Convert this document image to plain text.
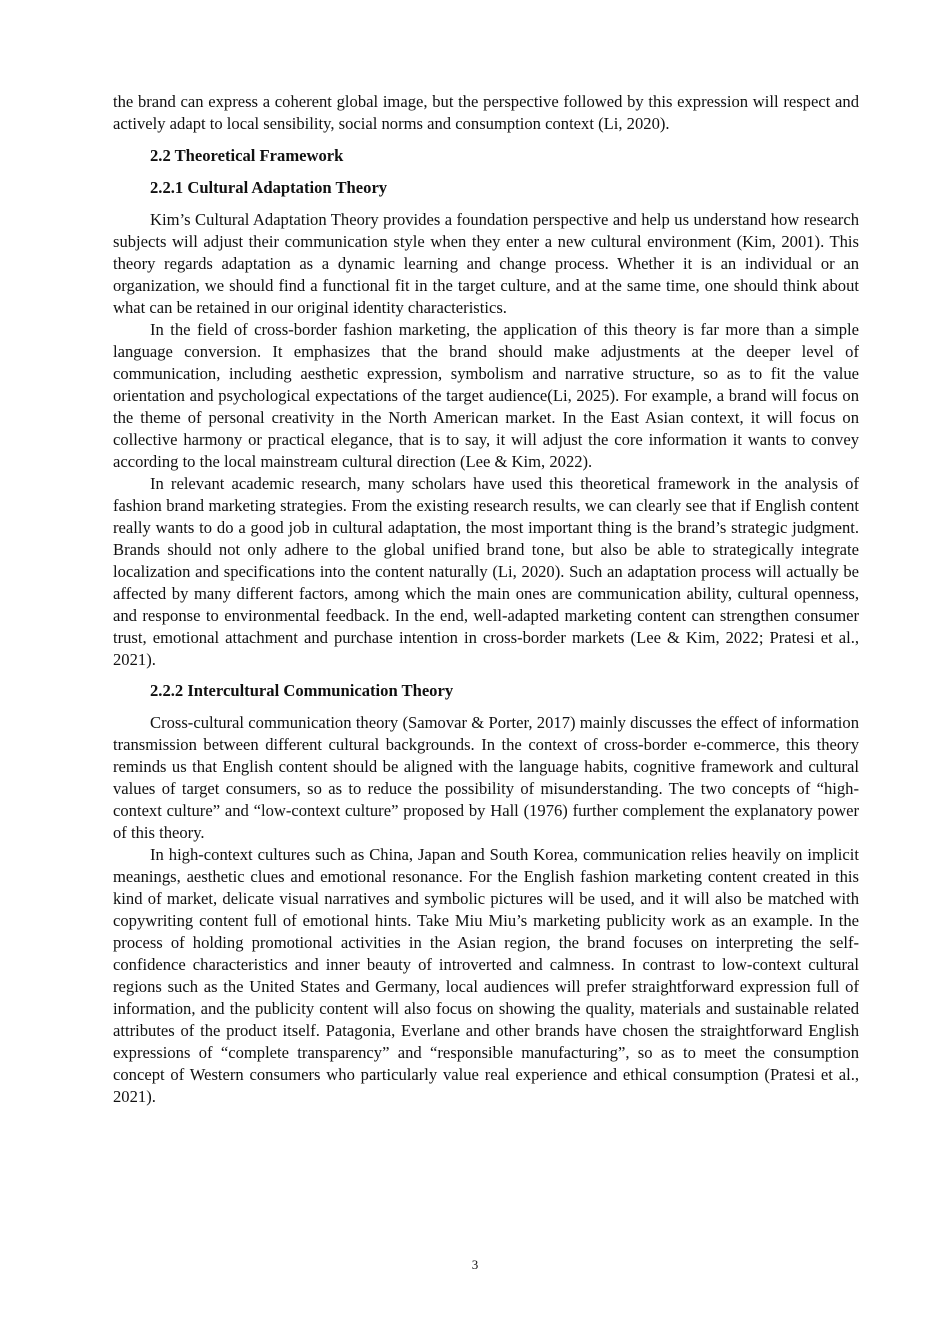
the brand can express a coherent global image, but the perspective followed by this expression will respect and actively adapt to local sensibility, social norms and consumption context (Li, 2020).

2.2 Theoretical Framework

2.2.1 Cultural Adaptation Theory

Kim’s Cultural Adaptation Theory provides a foundation perspective and help us understand how research subjects will adjust their communication style when they enter a new cultural environment (Kim, 2001). This theory regards adaptation as a dynamic learning and change process. Whether it is an individual or an organization, we should find a functional fit in the target culture, and at the same time, one should think about what can be retained in our original identity characteristics.

In the field of cross-border fashion marketing, the application of this theory is far more than a simple language conversion. It emphasizes that the brand should make adjustments at the deeper level of communication, including aesthetic expression, symbolism and narrative structure, so as to fit the value orientation and psychological expectations of the target audience(Li, 2025). For example, a brand will focus on the theme of personal creativity in the North American market. In the East Asian context, it will focus on collective harmony or practical elegance, that is to say, it will adjust the core information it wants to convey according to the local mainstream cultural direction (Lee & Kim, 2022).

In relevant academic research, many scholars have used this theoretical framework in the analysis of fashion brand marketing strategies. From the existing research results, we can clearly see that if English content really wants to do a good job in cultural adaptation, the most important thing is the brand’s strategic judgment. Brands should not only adhere to the global unified brand tone, but also be able to strategically integrate localization and specifications into the content naturally (Li, 2020). Such an adaptation process will actually be affected by many different factors, among which the main ones are communication ability, cultural openness, and response to environmental feedback. In the end, well-adapted marketing content can strengthen consumer trust, emotional attachment and purchase intention in cross-border markets (Lee & Kim, 2022; Pratesi et al., 2021).

2.2.2 Intercultural Communication Theory

Cross-cultural communication theory (Samovar & Porter, 2017) mainly discusses the effect of information transmission between different cultural backgrounds. In the context of cross-border e-commerce, this theory reminds us that English content should be aligned with the language habits, cognitive framework and cultural values of target consumers, so as to reduce the possibility of misunderstanding. The two concepts of “high-context culture” and “low-context culture” proposed by Hall (1976) further complement the explanatory power of this theory.

In high-context cultures such as China, Japan and South Korea, communication relies heavily on implicit meanings, aesthetic clues and emotional resonance. For the English fashion marketing content created in this kind of market, delicate visual narratives and symbolic pictures will be used, and it will also be matched with copywriting content full of emotional hints. Take Miu Miu’s marketing publicity work as an example. In the process of holding promotional activities in the Asian region, the brand focuses on interpreting the self-confidence characteristics and inner beauty of introverted and calmness. In contrast to low-context cultural regions such as the United States and Germany, local audiences will prefer straightforward expression full of information, and the publicity content will also focus on showing the quality, materials and sustainable related attributes of the product itself. Patagonia, Everlane and other brands have chosen the straightforward English expressions of “complete transparency” and “responsible manufacturing”, so as to meet the consumption concept of Western consumers who particularly value real experience and ethical consumption (Pratesi et al., 2021).

3
